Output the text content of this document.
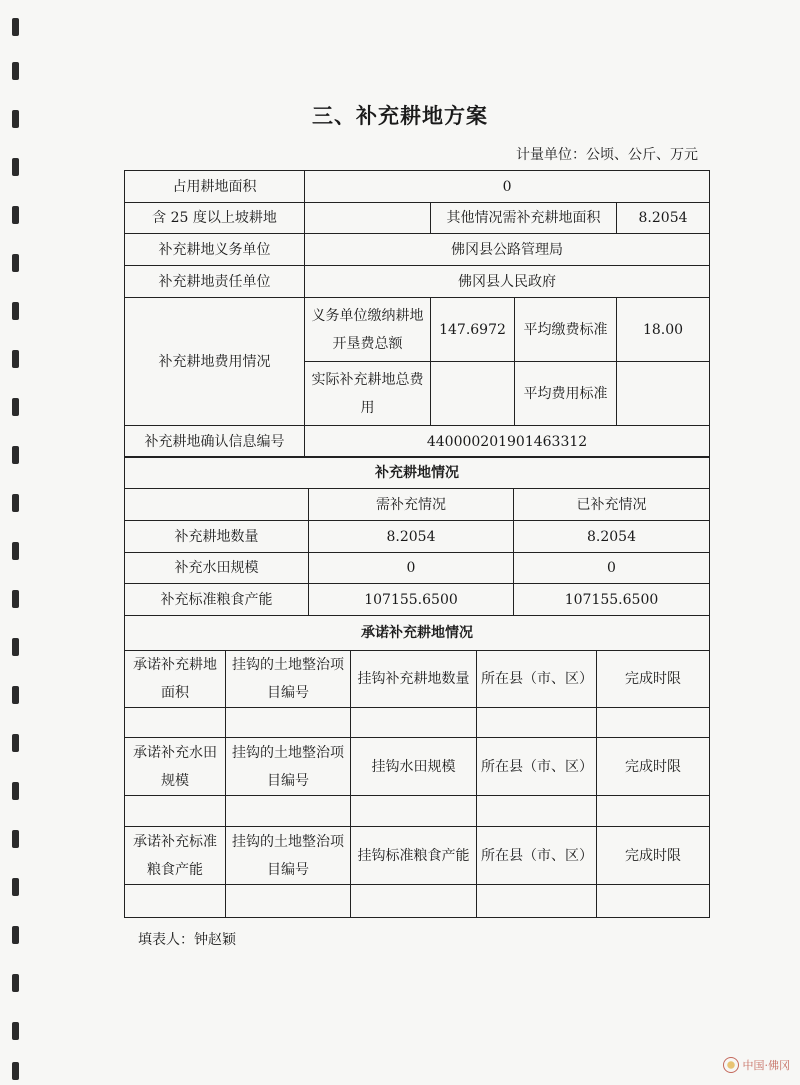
三、补充耕地方案
计量单位：公顷、公斤、万元
占用耕地面积	0			
含 25 度以上坡耕地		其他情况需补充耕地面积		8.2054
补充耕地义务单位	佛冈县公路管理局			
补充耕地责任单位	佛冈县人民政府			
补充耕地费用情况	义务单位缴纳耕地开垦费总额	147.6972	平均缴费标准	18.00
	实际补充耕地总费用		平均费用标准	
补充耕地确认信息编号	440000201901463312			
补充耕地情况		
	需补充情况	已补充情况
补充耕地数量	8.2054	8.2054
补充水田规模	0	0
补充标准粮食产能	107155.6500	107155.6500
承诺补充耕地情况				
承诺补充耕地面积	挂钩的土地整治项目编号	挂钩补充耕地数量	所在县（市、区）	完成时限

承诺补充水田规模	挂钩的土地整治项目编号	挂钩水田规模	所在县（市、区）	完成时限

承诺补充标准粮食产能	挂钩的土地整治项目编号	挂钩标准粮食产能	所在县（市、区）	完成时限

填表人：钟赵颖
中国·佛冈
